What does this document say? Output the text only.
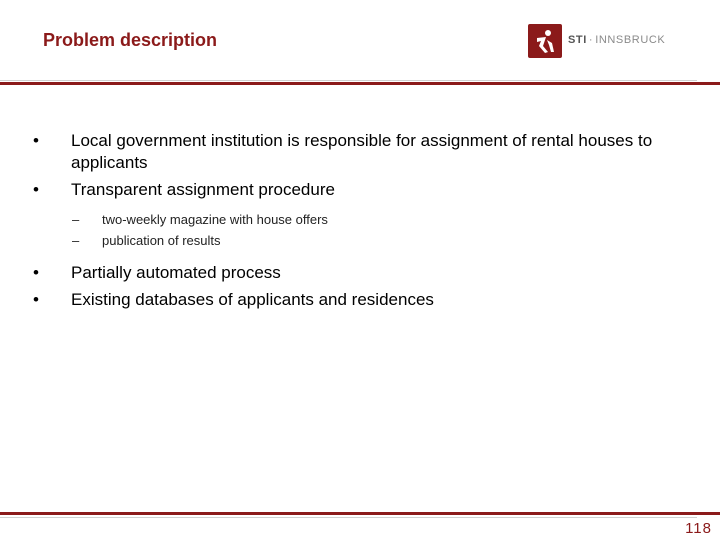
Problem description	STI · INNSBRUCK
• Local government institution is responsible for assignment of rental houses to applicants
• Transparent assignment procedure
– two-weekly magazine with house offers
– publication of results
• Partially automated process
• Existing databases of applicants and residences
118
